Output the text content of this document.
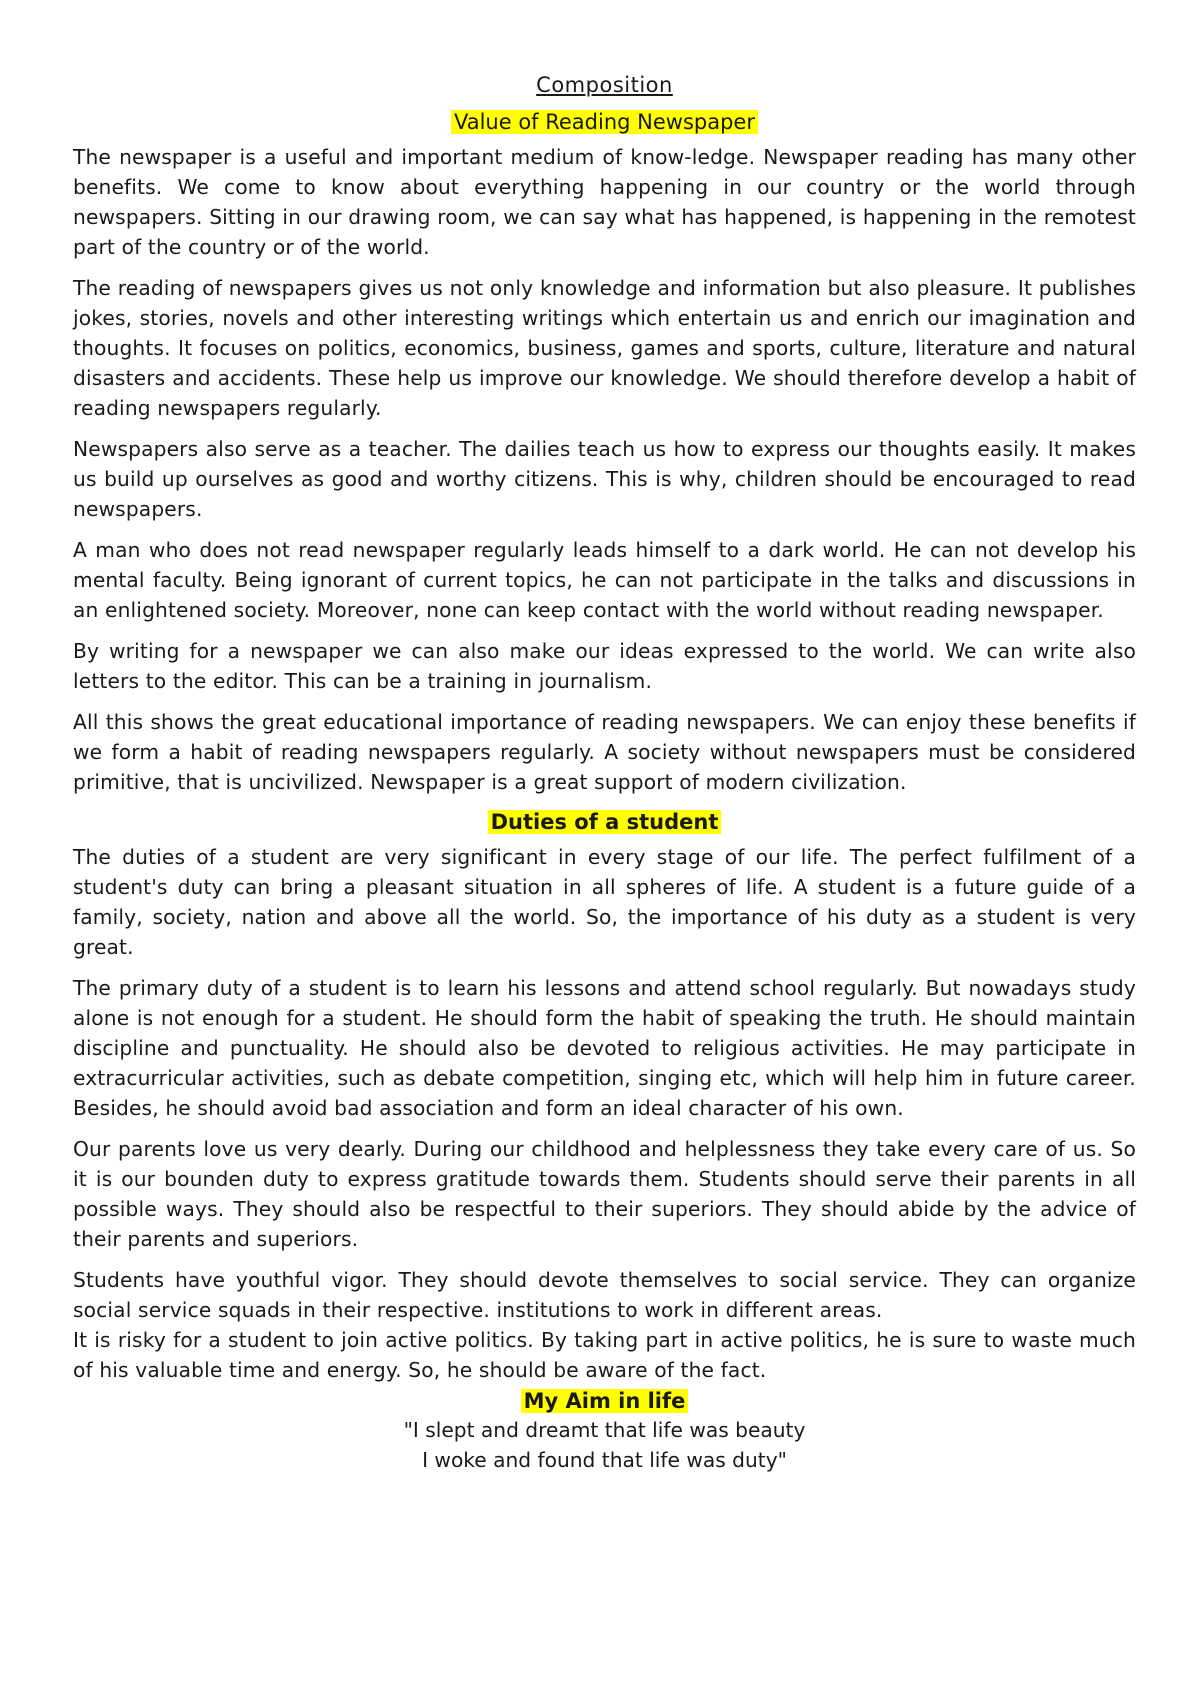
Composition
Value of Reading Newspaper

The newspaper is a useful and important medium of know-ledge. Newspaper reading has many other benefits. We come to know about everything happening in our country or the world through newspapers. Sitting in our drawing room, we can say what has happened, is happening in the remotest part of the country or of the world.

The reading of newspapers gives us not only knowledge and information but also pleasure. It publishes jokes, stories, novels and other interesting writings which entertain us and enrich our imagination and thoughts. It focuses on politics, economics, business, games and sports, culture, literature and natural disasters and accidents. These help us improve our knowledge. We should therefore develop a habit of reading newspapers regularly.

Newspapers also serve as a teacher. The dailies teach us how to express our thoughts easily. It makes us build up ourselves as good and worthy citizens. This is why, children should be encouraged to read newspapers.

A man who does not read newspaper regularly leads himself to a dark world. He can not develop his mental faculty. Being ignorant of current topics, he can not participate in the talks and discussions in an enlightened society. Moreover, none can keep contact with the world without reading newspaper.

By writing for a newspaper we can also make our ideas expressed to the world. We can write also letters to the editor. This can be a training in journalism.

All this shows the great educational importance of reading newspapers. We can enjoy these benefits if we form a habit of reading newspapers regularly. A society without newspapers must be considered primitive, that is uncivilized. Newspaper is a great support of modern civilization.

Duties of a student

The duties of a student are very significant in every stage of our life. The perfect fulfilment of a student's duty can bring a pleasant situation in all spheres of life. A student is a future guide of a family, society, nation and above all the world. So, the importance of his duty as a student is very great.

The primary duty of a student is to learn his lessons and attend school regularly. But nowadays study alone is not enough for a student. He should form the habit of speaking the truth. He should maintain discipline and punctuality. He should also be devoted to religious activities. He may participate in extracurricular activities, such as debate competition, singing etc, which will help him in future career. Besides, he should avoid bad association and form an ideal character of his own.

Our parents love us very dearly. During our childhood and helplessness they take every care of us. So it is our bounden duty to express gratitude towards them. Students should serve their parents in all possible ways. They should also be respectful to their superiors. They should abide by the advice of their parents and superiors.

Students have youthful vigor. They should devote themselves to social service. They can organize social service squads in their respective. institutions to work in different areas.

It is risky for a student to join active politics. By taking part in active politics, he is sure to waste much of his valuable time and energy. So, he should be aware of the fact.

My Aim in life

"I slept and dreamt that life was beauty

I woke and found that life was duty"
